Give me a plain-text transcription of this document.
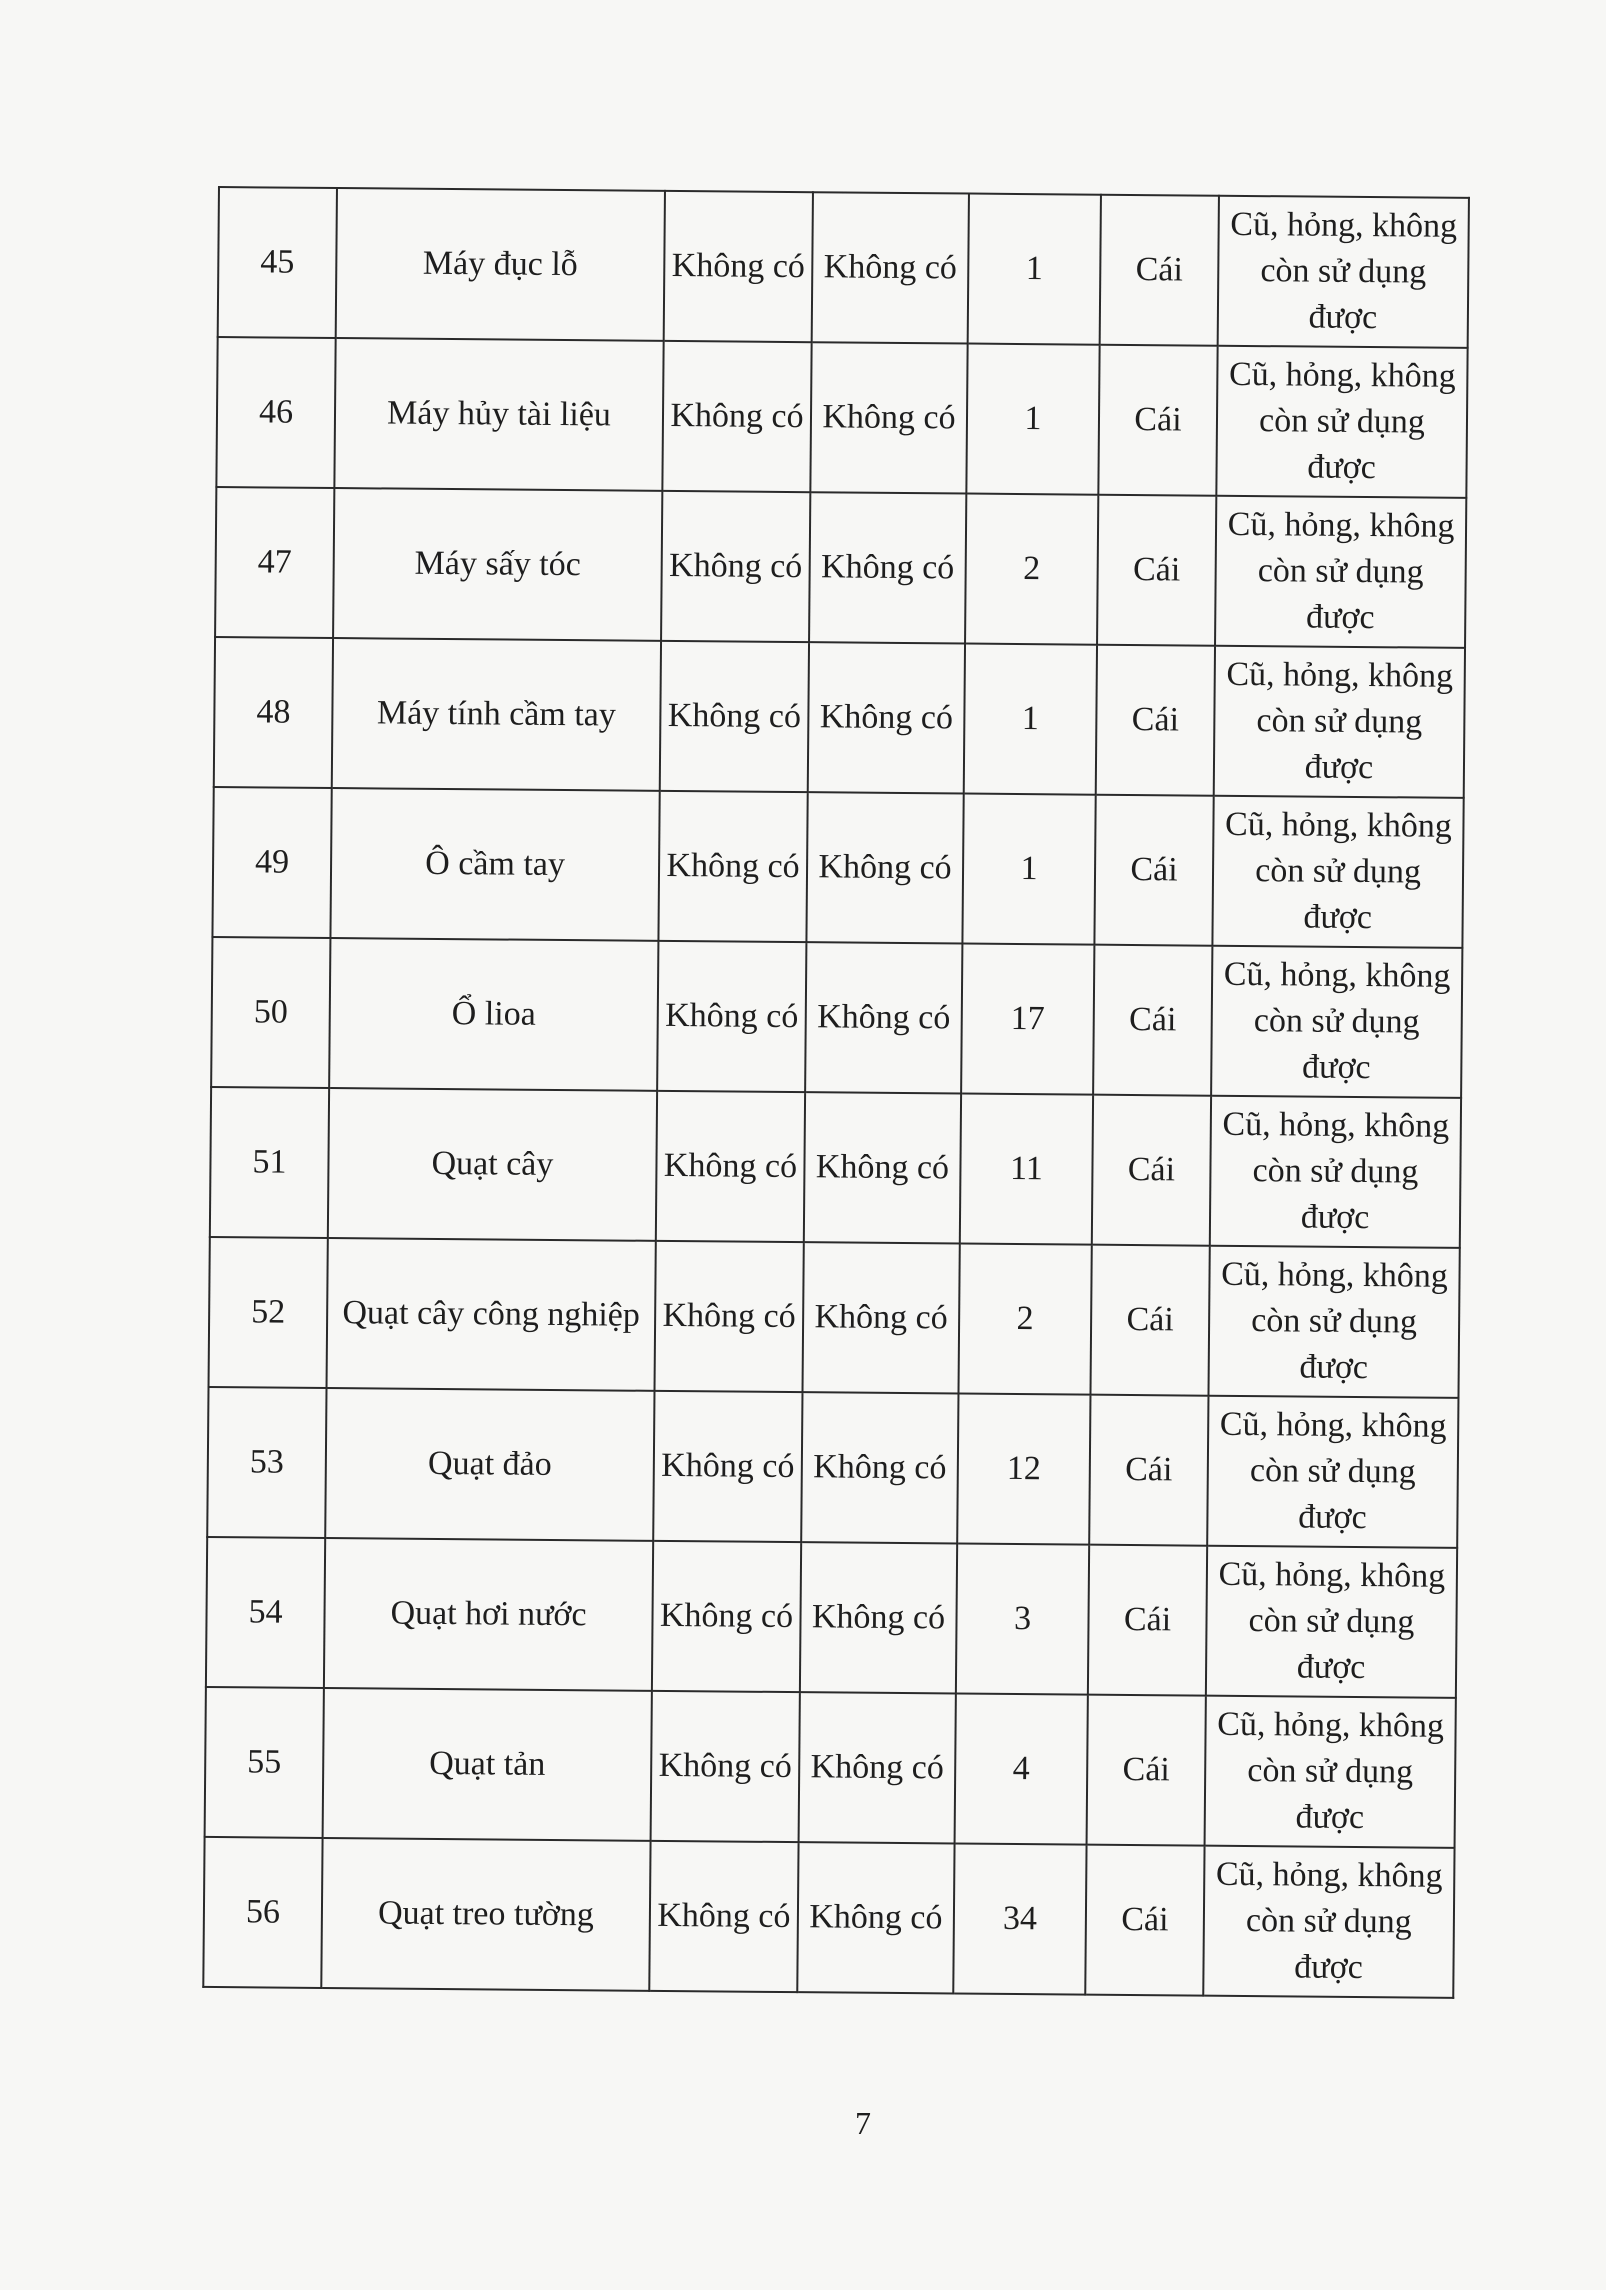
45	Máy đục lỗ	Không có	Không có	1	Cái	Cũ, hỏng, không còn sử dụng được
46	Máy hủy tài liệu	Không có	Không có	1	Cái	Cũ, hỏng, không còn sử dụng được
47	Máy sấy tóc	Không có	Không có	2	Cái	Cũ, hỏng, không còn sử dụng được
48	Máy tính cầm tay	Không có	Không có	1	Cái	Cũ, hỏng, không còn sử dụng được
49	Ô cầm tay	Không có	Không có	1	Cái	Cũ, hỏng, không còn sử dụng được
50	Ổ lioa	Không có	Không có	17	Cái	Cũ, hỏng, không còn sử dụng được
51	Quạt cây	Không có	Không có	11	Cái	Cũ, hỏng, không còn sử dụng được
52	Quạt cây công nghiệp	Không có	Không có	2	Cái	Cũ, hỏng, không còn sử dụng được
53	Quạt đảo	Không có	Không có	12	Cái	Cũ, hỏng, không còn sử dụng được
54	Quạt hơi nước	Không có	Không có	3	Cái	Cũ, hỏng, không còn sử dụng được
55	Quạt tản	Không có	Không có	4	Cái	Cũ, hỏng, không còn sử dụng được
56	Quạt treo tường	Không có	Không có	34	Cái	Cũ, hỏng, không còn sử dụng được
7
